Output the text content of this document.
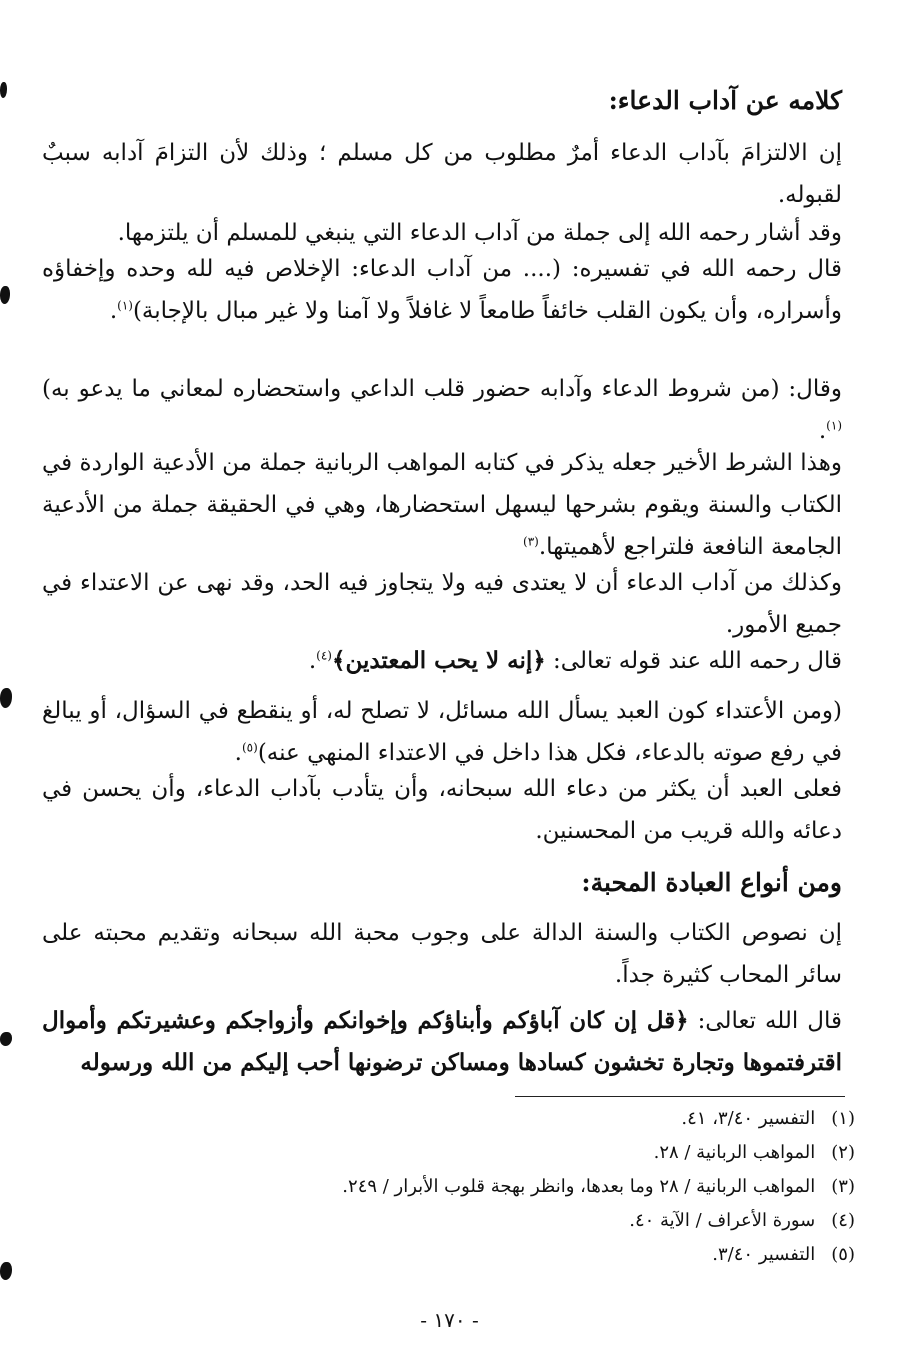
كلامه عن آداب الدعاء:

إن الالتزامَ بآداب الدعاء أمرٌ مطلوب من كل مسلم ؛ وذلك لأن التزامَ آدابه سببٌ لقبوله.

وقد أشار رحمه الله إلى جملة من آداب الدعاء التي ينبغي للمسلم أن يلتزمها.

قال رحمه الله في تفسيره: (.... من آداب الدعاء: الإخلاص فيه لله وحده وإخفاؤه وأسراره، وأن يكون القلب خائفاً طامعاً لا غافلاً ولا آمنا ولا غير مبال بالإجابة)$^{(١)}$.

وقال: (من شروط الدعاء وآدابه حضور قلب الداعي واستحضاره لمعاني ما يدعو به)$^{(١)}$.

وهذا الشرط الأخير جعله يذكر في كتابه المواهب الربانية جملة من الأدعية الواردة في الكتاب والسنة ويقوم بشرحها ليسهل استحضارها، وهي في الحقيقة جملة من الأدعية الجامعة النافعة فلتراجع لأهميتها.$^{(٣)}$

وكذلك من آداب الدعاء أن لا يعتدى فيه ولا يتجاوز فيه الحد، وقد نهى عن الاعتداء في جميع الأمور.

قال رحمه الله عند قوله تعالى: ﴿إنه لا يحب المعتدين﴾$^{(٤)}$.

(ومن الأعتداء كون العبد يسأل الله مسائل، لا تصلح له، أو ينقطع في السؤال، أو يبالغ في رفع صوته بالدعاء، فكل هذا داخل في الاعتداء المنهي عنه)$^{(٥)}$.

فعلى العبد أن يكثر من دعاء الله سبحانه، وأن يتأدب بآداب الدعاء، وأن يحسن في دعائه والله قريب من المحسنين.

ومن أنواع العبادة المحبة:

إن نصوص الكتاب والسنة الدالة على وجوب محبة الله سبحانه وتقديم محبته على سائر المحاب كثيرة جداً.

قال الله تعالى: ﴿قل إن كان آباؤكم وأبناؤكم وإخوانكم وأزواجكم وعشيرتكم وأموال اقترفتموها وتجارة تخشون كسادها ومساكن ترضونها أحب إليكم من الله ورسوله

(١) التفسير ٣/٤٠، ٤١.

(٢) المواهب الربانية / ٢٨.

(٣) المواهب الربانية / ٢٨ وما بعدها، وانظر بهجة قلوب الأبرار / ٢٤٩.

(٤) سورة الأعراف / الآية ٤٠.

(٥) التفسير ٣/٤٠.

- ١٧٠ -
